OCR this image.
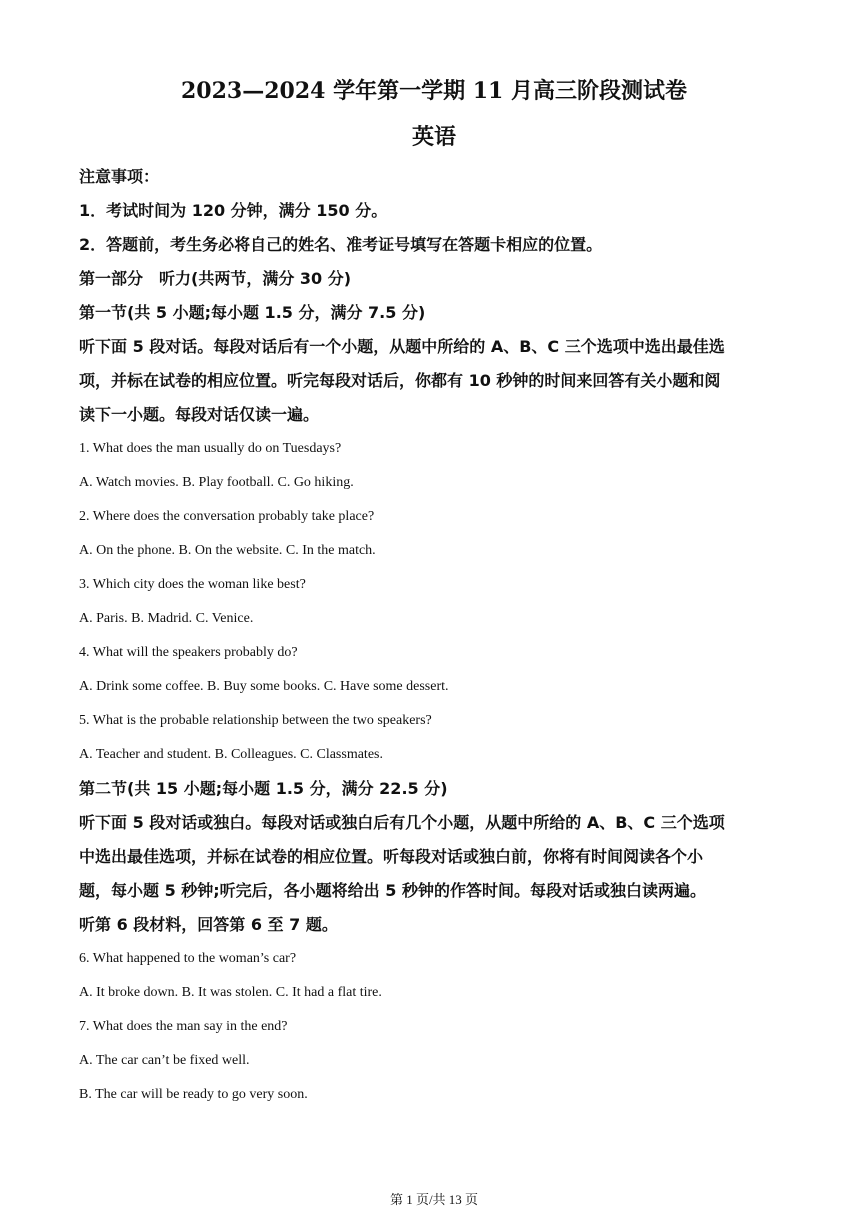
2023—2024 学年第一学期 11 月高三阶段测试卷
英语
注意事项：
1．考试时间为 120 分钟，满分 150 分。
2．答题前，考生务必将自己的姓名、准考证号填写在答题卡相应的位置。
第一部分　听力(共两节，满分 30 分)
第一节(共 5 小题;每小题 1.5 分，满分 7.5 分)
听下面 5 段对话。每段对话后有一个小题，从题中所给的 A、B、C 三个选项中选出最佳选
项，并标在试卷的相应位置。听完每段对话后，你都有 10 秒钟的时间来回答有关小题和阅
读下一小题。每段对话仅读一遍。
1. What does the man usually do on Tuesdays?
A. Watch movies. B. Play football. C. Go hiking.
2. Where does the conversation probably take place?
A. On the phone. B. On the website. C. In the match.
3. Which city does the woman like best?
A. Paris. B. Madrid. C. Venice.
4. What will the speakers probably do?
A. Drink some coffee. B. Buy some books. C. Have some dessert.
5. What is the probable relationship between the two speakers?
A. Teacher and student. B. Colleagues. C. Classmates.
第二节(共 15 小题;每小题 1.5 分，满分 22.5 分)
听下面 5 段对话或独白。每段对话或独白后有几个小题，从题中所给的 A、B、C 三个选项
中选出最佳选项，并标在试卷的相应位置。听每段对话或独白前，你将有时间阅读各个小
题，每小题 5 秒钟;听完后，各小题将给出 5 秒钟的作答时间。每段对话或独白读两遍。
听第 6 段材料，回答第 6 至 7 题。
6. What happened to the woman’s car?
A. It broke down. B. It was stolen. C. It had a flat tire.
7. What does the man say in the end?
A. The car can’t be fixed well.
B. The car will be ready to go very soon.
第 1 页/共 13 页
